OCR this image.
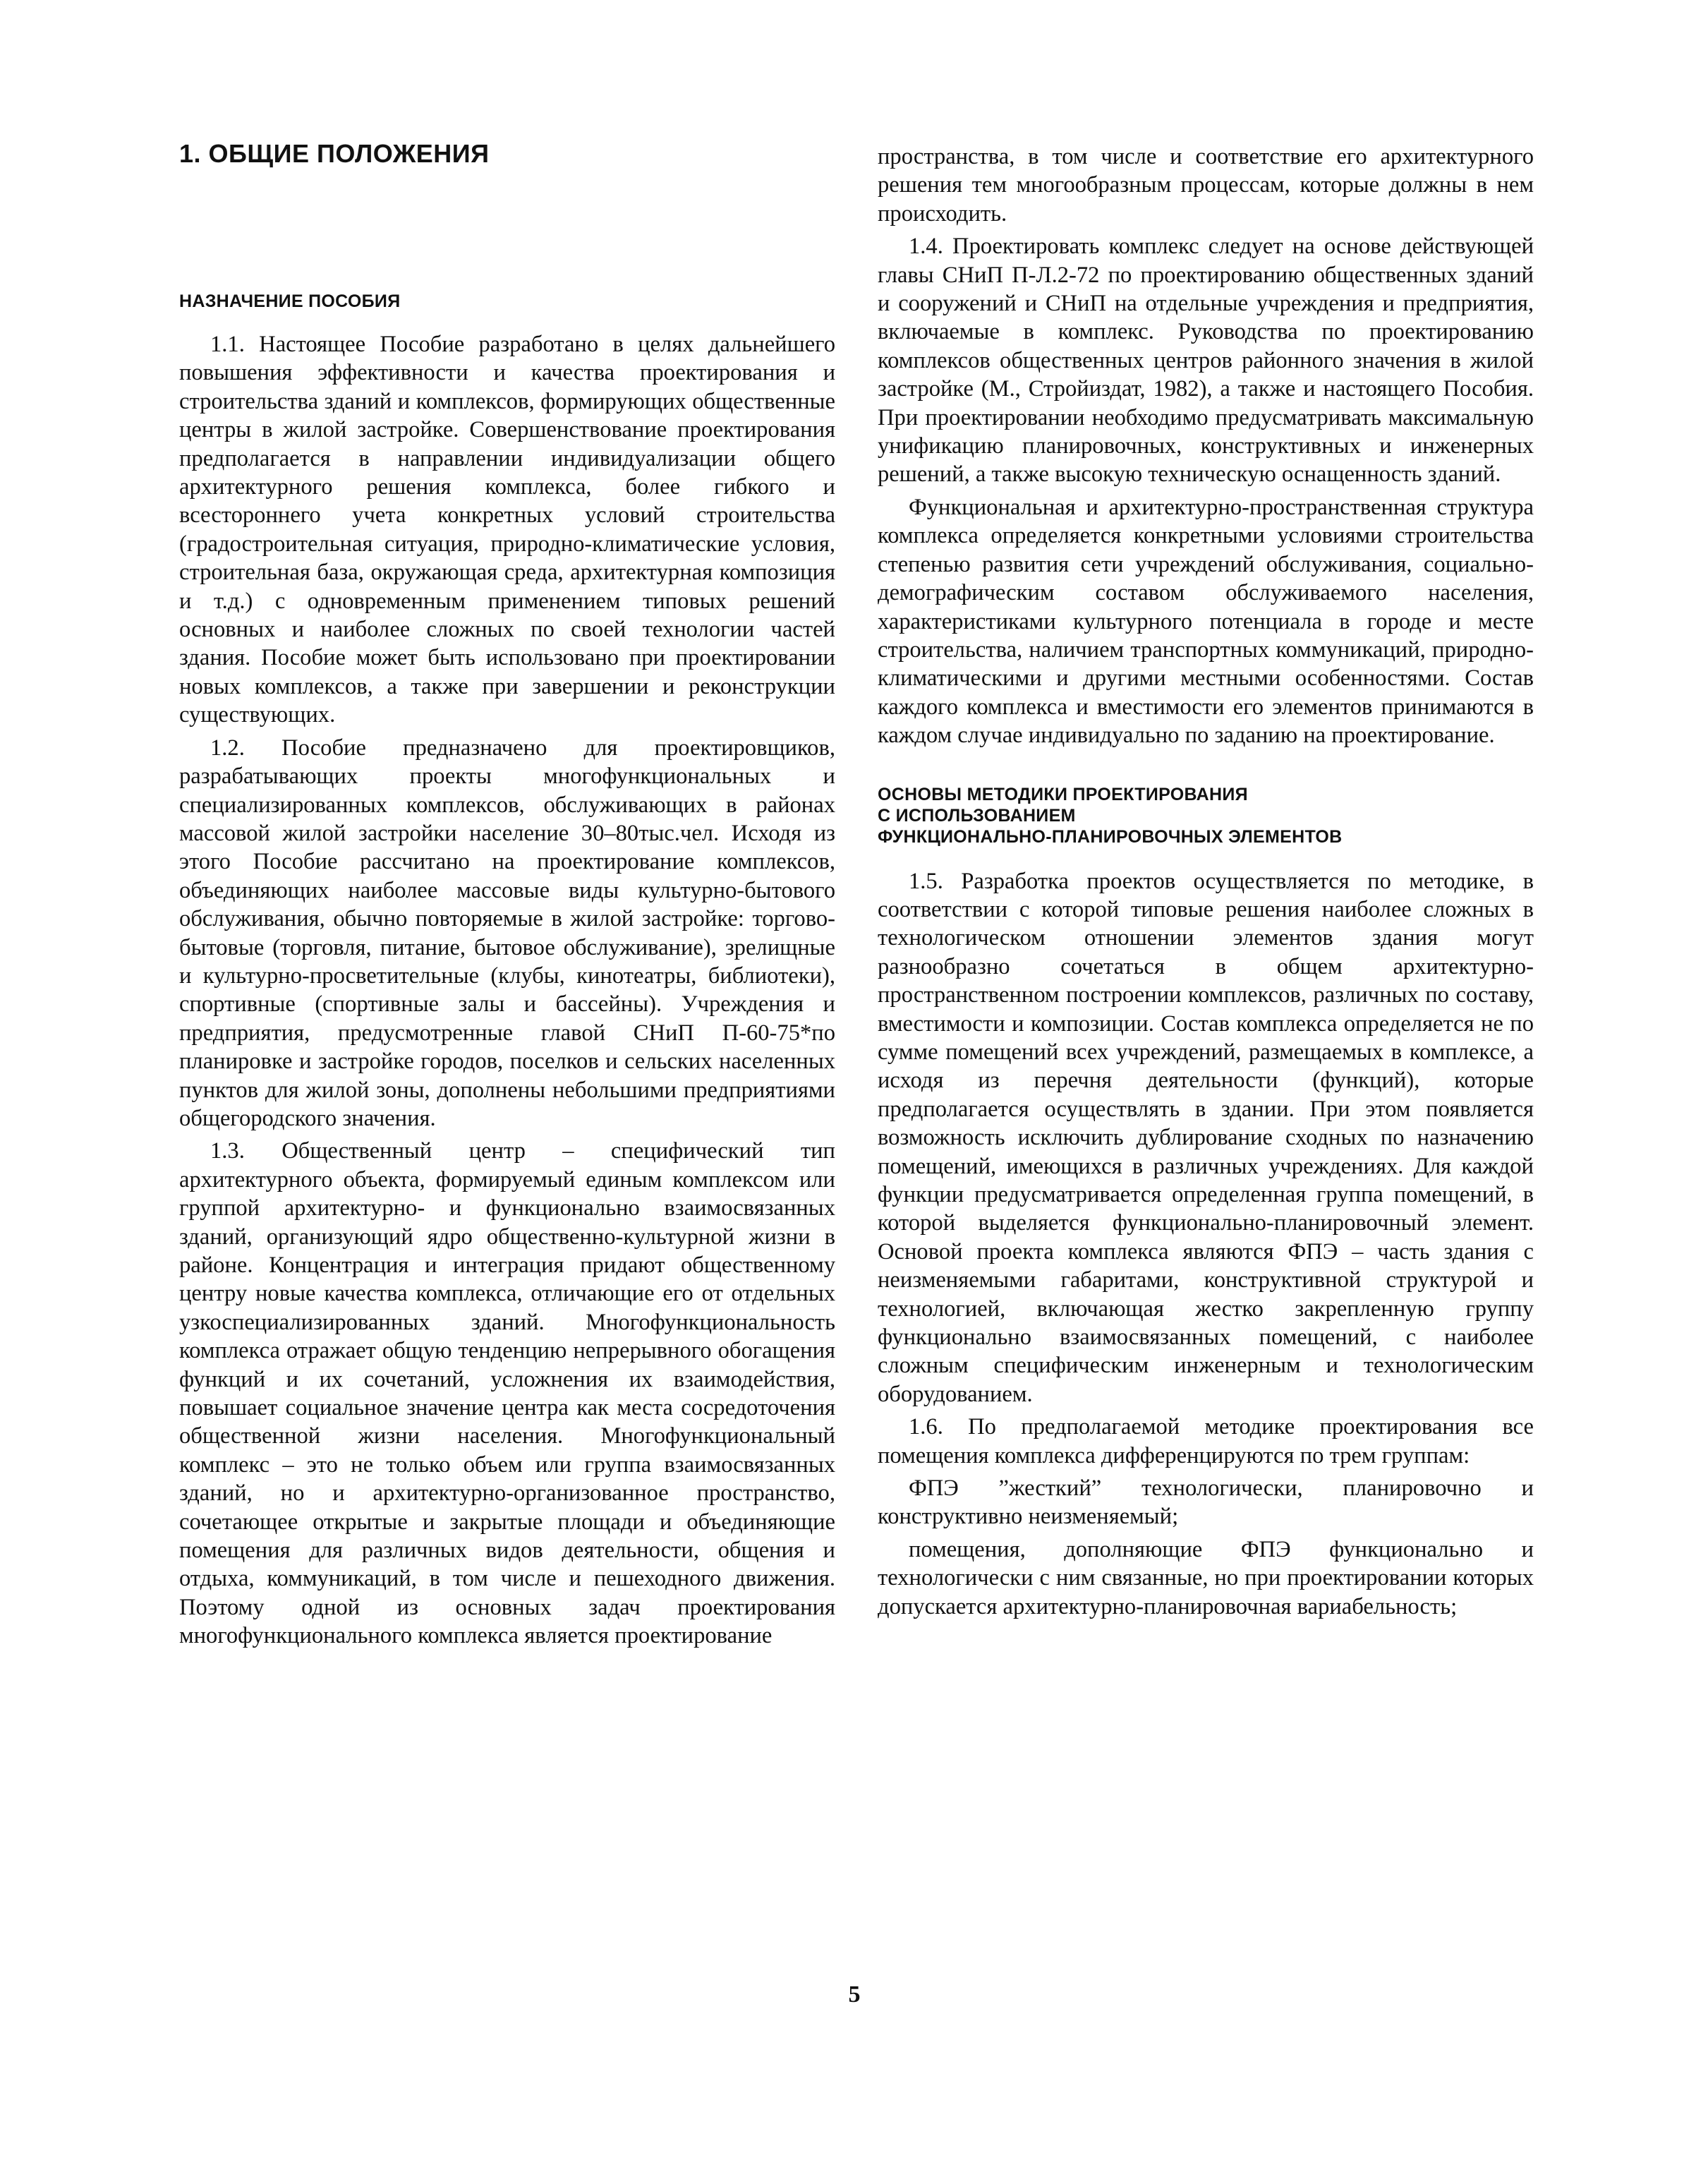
1. ОБЩИЕ ПОЛОЖЕНИЯ
НАЗНАЧЕНИЕ ПОСОБИЯ

1.1. Настоящее Пособие разработано в целях дальнейшего повышения эффективности и качества проектирования и строительства зданий и комплексов, формирующих общественные центры в жилой застройке. Совершенствование проектирования предполагается в направлении индивидуализации общего архитектурного решения комплекса, более гибкого и всестороннего учета конкретных условий строительства (градостроительная ситуация, природно-климатические условия, строительная база, окружающая среда, архитектурная композиция и т.д.) с одновременным применением типовых решений основных и наиболее сложных по своей технологии частей здания. Пособие может быть использовано при проектировании новых комплексов, а также при завершении и реконструкции существующих.

1.2. Пособие предназначено для проектировщиков, разрабатывающих проекты многофункциональных и специализированных комплексов, обслуживающих в районах массовой жилой застройки население 30–80тыс.чел. Исходя из этого Пособие рассчитано на проектирование комплексов, объединяющих наиболее массовые виды культурно-бытового обслуживания, обычно повторяемые в жилой застройке: торгово-бытовые (торговля, питание, бытовое обслуживание), зрелищные и культурно-просветительные (клубы, кинотеатры, библиотеки), спортивные (спортивные залы и бассейны). Учреждения и предприятия, предусмотренные главой СНиП П-60-75*по планировке и застройке городов, поселков и сельских населенных пунктов для жилой зоны, дополнены небольшими предприятиями общегородского значения.

1.3. Общественный центр – специфический тип архитектурного объекта, формируемый единым комплексом или группой архитектурно- и функционально взаимосвязанных зданий, организующий ядро общественно-культурной жизни в районе. Концентрация и интеграция придают общественному центру новые качества комплекса, отличающие его от отдельных узкоспециализированных зданий. Многофункциональность комплекса отражает общую тенденцию непрерывного обогащения функций и их сочетаний, усложнения их взаимодействия, повышает социальное значение центра как места сосредоточения общественной жизни населения. Многофункциональный комплекс – это не только объем или группа взаимосвязанных зданий, но и архитектурно-организованное пространство, сочетающее открытые и закрытые площади и объединяющие помещения для различных видов деятельности, общения и отдыха, коммуникаций, в том числе и пешеходного движения. Поэтому одной из основных задач проектирования многофункционального комплекса является проектирование

пространства, в том числе и соответствие его архитектурного решения тем многообразным процессам, которые должны в нем происходить.

1.4. Проектировать комплекс следует на основе действующей главы СНиП П-Л.2-72 по проектированию общественных зданий и сооружений и СНиП на отдельные учреждения и предприятия, включаемые в комплекс. Руководства по проектированию комплексов общественных центров районного значения в жилой застройке (М., Стройиздат, 1982), а также и настоящего Пособия. При проектировании необходимо предусматривать максимальную унификацию планировочных, конструктивных и инженерных решений, а также высокую техническую оснащенность зданий.

Функциональная и архитектурно-пространственная структура комплекса определяется конкретными условиями строительства степенью развития сети учреждений обслуживания, социально-демографическим составом обслуживаемого населения, характеристиками культурного потенциала в городе и месте строительства, наличием транспортных коммуникаций, природно-климатическими и другими местными особенностями. Состав каждого комплекса и вместимости его элементов принимаются в каждом случае индивидуально по заданию на проектирование.

ОСНОВЫ МЕТОДИКИ ПРОЕКТИРОВАНИЯ
С ИСПОЛЬЗОВАНИЕМ
ФУНКЦИОНАЛЬНО-ПЛАНИРОВОЧНЫХ ЭЛЕМЕНТОВ

1.5. Разработка проектов осуществляется по методике, в соответствии с которой типовые решения наиболее сложных в технологическом отношении элементов здания могут разнообразно сочетаться в общем архитектурно-пространственном построении комплексов, различных по составу, вместимости и композиции. Состав комплекса определяется не по сумме помещений всех учреждений, размещаемых в комплексе, а исходя из перечня деятельности (функций), которые предполагается осуществлять в здании. При этом появляется возможность исключить дублирование сходных по назначению помещений, имеющихся в различных учреждениях. Для каждой функции предусматривается определенная группа помещений, в которой выделяется функционально-планировочный элемент. Основой проекта комплекса являются ФПЭ – часть здания с неизменяемыми габаритами, конструктивной структурой и технологией, включающая жестко закрепленную группу функционально взаимосвязанных помещений, с наиболее сложным специфическим инженерным и технологическим оборудованием.

1.6. По предполагаемой методике проектирования все помещения комплекса дифференцируются по трем группам:

ФПЭ ”жесткий” технологически, планировочно и конструктивно неизменяемый;

помещения, дополняющие ФПЭ функционально и технологически с ним связанные, но при проектировании которых допускается архитектурно-планировочная вариабельность;

5
